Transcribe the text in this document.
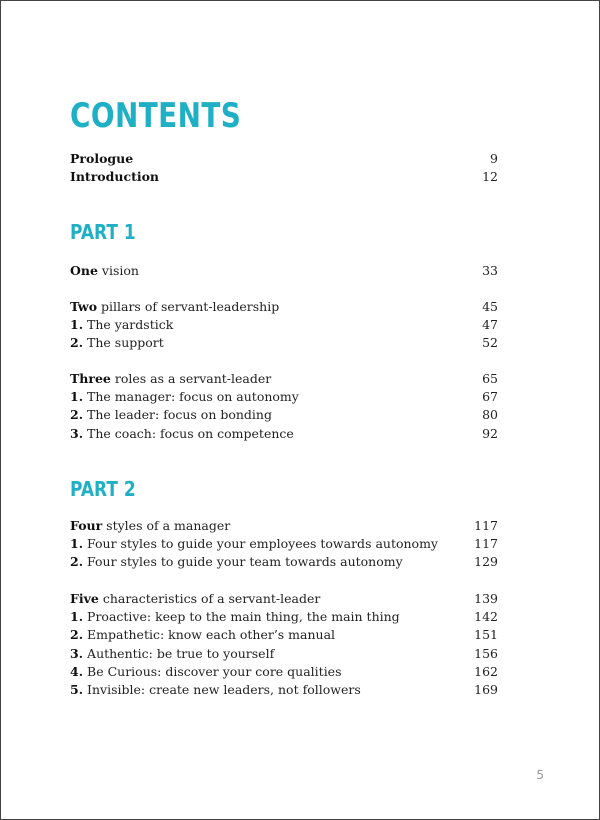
CONTENTS
Prologue	9
Introduction	12
PART 1
One vision	33
Two pillars of servant-leadership	45
1. The yardstick	47
2. The support	52
Three roles as a servant-leader	65
1. The manager: focus on autonomy	67
2. The leader: focus on bonding	80
3. The coach: focus on competence	92
PART 2
Four styles of a manager	117
1. Four styles to guide your employees towards autonomy	117
2. Four styles to guide your team towards autonomy	129
Five characteristics of a servant-leader	139
1. Proactive: keep to the main thing, the main thing	142
2. Empathetic: know each other’s manual	151
3. Authentic: be true to yourself	156
4. Be Curious: discover your core qualities	162
5. Invisible: create new leaders, not followers	169
5
